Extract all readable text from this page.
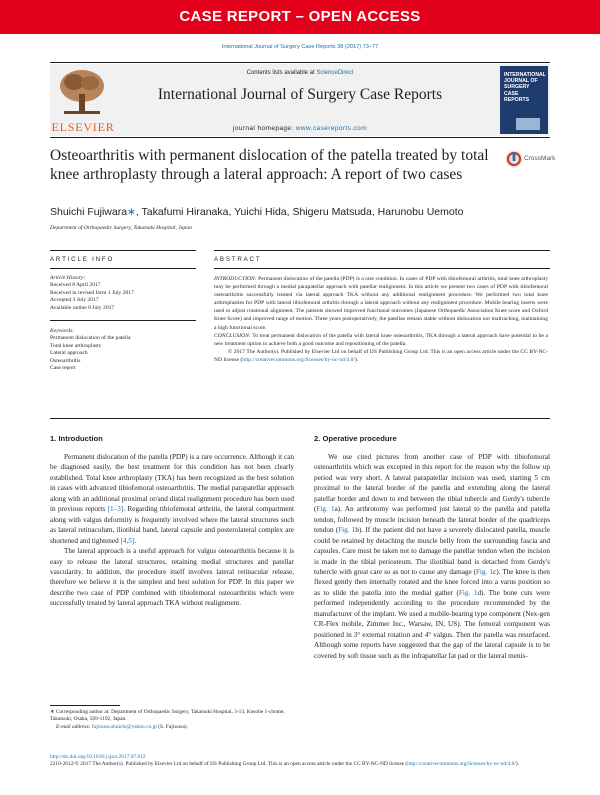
CASE REPORT – OPEN ACCESS
International Journal of Surgery Case Reports 38 (2017) 73–77
ELSEVIER
Contents lists available at ScienceDirect
International Journal of Surgery Case Reports
journal homepage: www.casereports.com
INTERNATIONAL JOURNAL OF SURGERY CASE REPORTS
Osteoarthritis with permanent dislocation of the patella treated by total knee arthroplasty through a lateral approach: A report of two cases
CrossMark
Shuichi Fujiwara∗, Takafumi Hiranaka, Yuichi Hida, Shigeru Matsuda, Harunobu Uemoto
Department of Orthopaedic Surgery, Takatsuki Hospital, Japan
ARTICLE INFO	ABSTRACT
Article History:
Received 8 April 2017
Received in revised form 1 July 2017
Accepted 3 July 2017
Available online 8 July 2017
Keywords:
Permanent dislocation of the patella
Total knee arthroplasty
Lateral approach
Osteoarthritis
Case report
INTRODUCTION: Permanent dislocation of the patella (PDP) is a rare condition. In cases of PDP with tibiofemoral arthritis, total knee arthroplasty may be performed through a medial parapatellar approach with patellar realignment. In this article we present two cases of PDP with tibiofemoral osteoarthritis successfully treated via lateral approach TKA without any additional realignment procedure. We performed two total knee arthroplasties for PDP with lateral tibiofemoral arthritis through a lateral approach without any realignment procedure. Mobile bearing inserts were used to adjust rotational alignment. The patients showed improved functional outcomes (Japanese Orthopaedic Association Knee score and Oxford Knee Score) and improved range of motion. Three years postoperatively, the patellae remain stable without dislocation nor maltracking, maintaining a high functional score.
CONCLUSION: To treat permanent dislocation of the patella with lateral knee osteoarthritis, TKA through a lateral approach have potential to be a new treatment option to achieve both a good outcome and repositioning of the patella.
© 2017 The Author(s). Published by Elsevier Ltd on behalf of IJS Publishing Group Ltd. This is an open access article under the CC BY-NC-ND license (http://creativecommons.org/licenses/by-nc-nd/4.0/).
1. Introduction

Permanent dislocation of the patella (PDP) is a rare occurrence. Although it can be diagnosed easily, the best treatment for this condition has not been clearly established. Total knee arthroplasty (TKA) has been recognized as the best solution in cases with advanced tibiofemoral osteoarthritis. The medial parapatellar approach along with an additional proximal or/and distal realignment procedure has been used in previous reports [1–3]. Regarding tibiofemoral arthritis, the lateral compartment along with valgus deformity is frequently involved where the lateral structures such as lateral retinaculum, iliotibial band, lateral capsule and posterolateral complex are shortened and tightened [4,5].

The lateral approach is a useful approach for valgus osteoarthritis because it is easy to release the lateral structures, retaining medial structures and patellar vascularity. In addition, the procedure itself involves lateral retinacular release, therefore we believe it is the simplest and best solution for PDP. In this paper we describe two case of PDP combined with tibiofemoral osteoarthritis which were successfully treated by lateral approach TKA without realignment.

∗ Corresponding author at: Department of Orthopaedic Surgery, Takatsuki Hospital, 3-13, Kosobe 1-chome, Takatsuki, Osaka, 569-1192, Japan.
E-mail address: fujiwara.shuichi@yahoo.co.jp (S. Fujiwara).
2. Operative procedure

We use cited pictures from another case of PDP with tibiofemoral osteoarthritis which was excepted in this report for the reason why the follow up period was very short. A lateral parapatellar incision was used, starting 5 cm proximal to the lateral border of the patella and extending along the lateral patellar border and down to end between the tibial tubercle and Gerdy's tubercle (Fig. 1a). An arthrotomy was performed just lateral to the patella and patella tendon, followed by muscle incision beneath the lateral border of the quadriceps tendon (Fig. 1b). If the patient did not have a severely dislocated patella, muscle could be retained by detaching the muscle belly from the surrounding fascia and capsules. Care must be taken not to damage the patellar tendon when the incision is made in the tibial periosteum. The iliotibial band is detached from Gerdy's tubercle with great care so as not to cause any damage (Fig. 1c). The knee is then flexed gently then internally rotated and the knee forced into a varus position so as to slide the patella into the medial gather (Fig. 1d). The bone cuts were performed independently according to the procedure recommended by the manufacturer of the implant. We used a mobile-bearing type component (Nex-gen CR-Flex mobile, Zimmer Inc., Warsaw, IN, US). The femoral component was positioned in 3° external rotation and 4° valgus. Then the patella was resurfaced. Although some reports have suggested that the gap of the lateral capsule is to be covered by soft tissue such as the infrapatellar fat pad or the lateral menis-

http://dx.doi.org/10.1016/j.ijscr.2017.07.012
2210-2612/© 2017 The Author(s). Published by Elsevier Ltd on behalf of IJS Publishing Group Ltd. This is an open access article under the CC BY-NC-ND license (http://creativecommons.org/licenses/by-nc-nd/4.0/).
